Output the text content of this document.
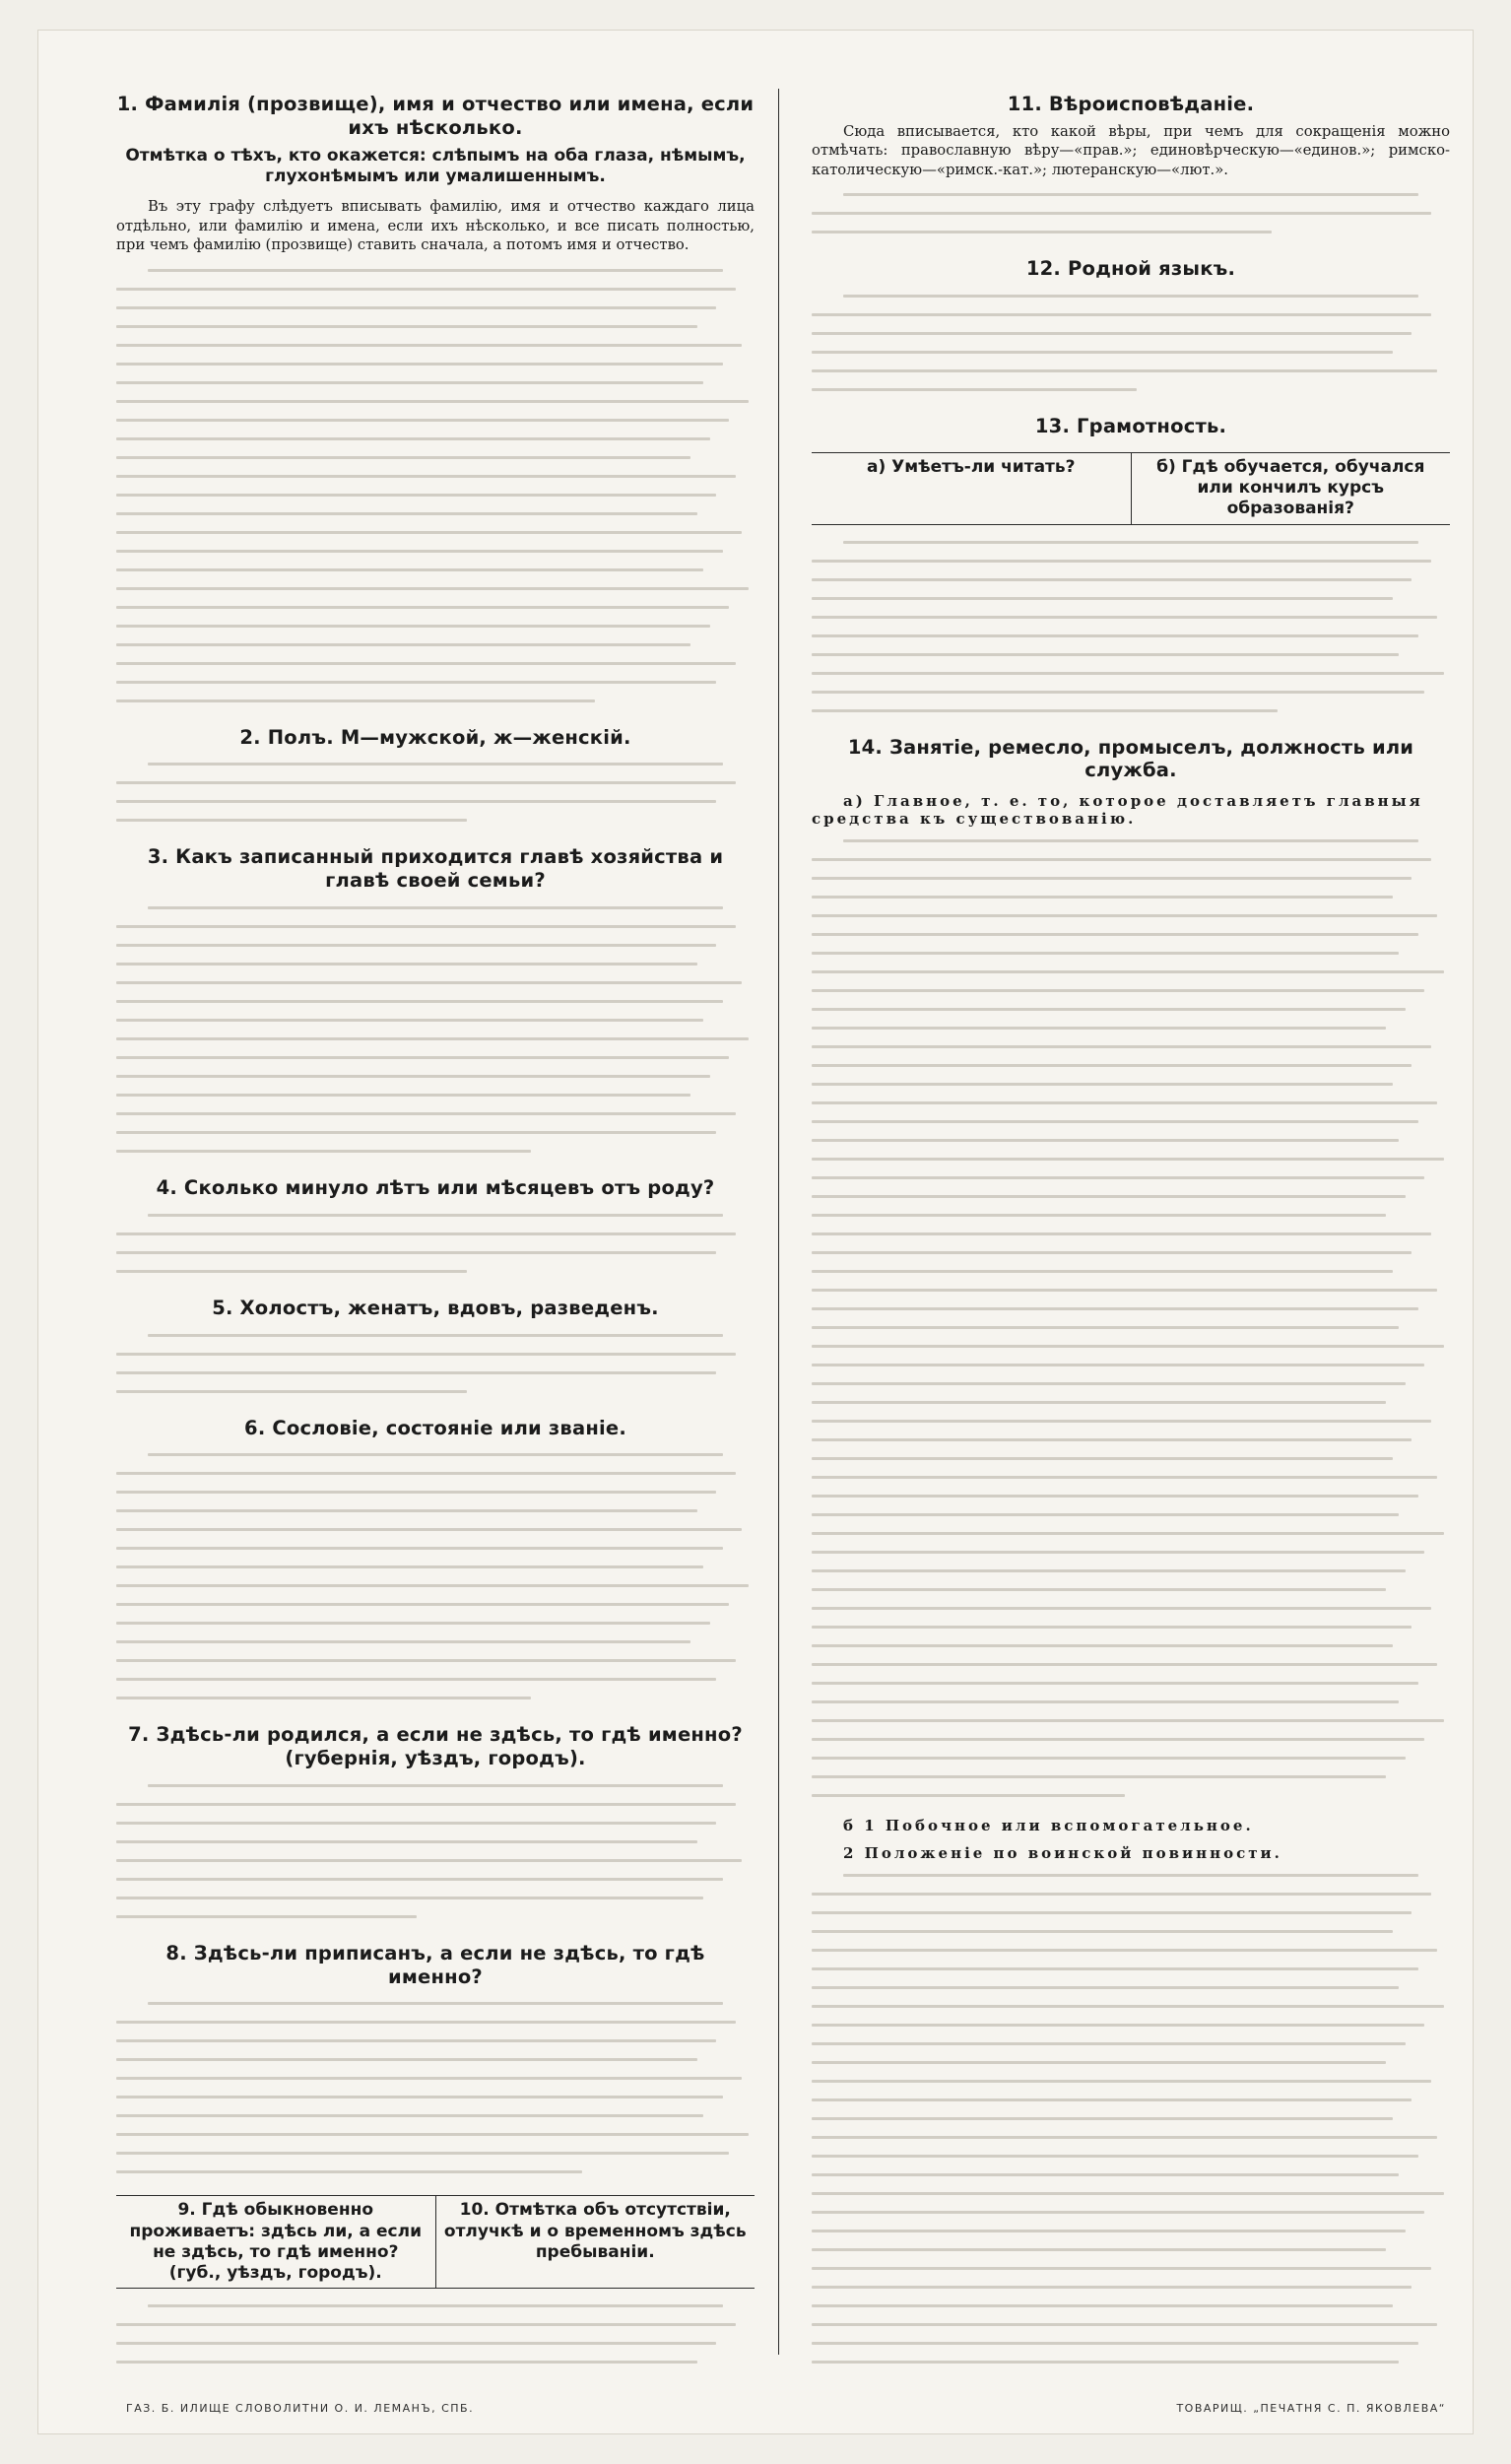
1. Фамилія (прозвище), имя и отчество или имена, если ихъ нѣсколько.
Отмѣтка о тѣхъ, кто окажется: слѣпымъ на оба глаза, нѣмымъ, глухонѣмымъ или умалишеннымъ.

Въ эту графу слѣдуетъ вписывать фамилію, имя и отчество каждаго лица отдѣльно, или фамилію и имена, если ихъ нѣсколько, и все писать полностью, при чемъ фамилію (прозвище) ставить сначала, а потомъ имя и отчество.

2. Полъ. М—мужской, ж—женскій.
3. Какъ записанный приходится главѣ хозяйства и главѣ своей семьи?
4. Сколько минуло лѣтъ или мѣсяцевъ отъ роду?
5. Холостъ, женатъ, вдовъ, разведенъ.
6. Сословіе, состояніе или званіе.
7. Здѣсь-ли родился, а если не здѣсь, то гдѣ именно? (губернія, уѣздъ, городъ).
8. Здѣсь-ли приписанъ, а если не здѣсь, то гдѣ именно?
9. Гдѣ обыкновенно проживаетъ: здѣсь ли, а если не здѣсь, то гдѣ именно? (губ., уѣздъ, городъ).
10. Отмѣтка объ отсутствіи, отлучкѣ и о временномъ здѣсь пребываніи.
11. Вѣроисповѣданіе.

Сюда вписывается, кто какой вѣры, при чемъ для сокращенія можно отмѣчать: православную вѣру—«прав.»; единовѣрческую—«единов.»; римско-католическую—«римск.-кат.»; лютеранскую—«лют.».

12. Родной языкъ.
13. Грамотность.
а) Умѣетъ-ли читать?	б) Гдѣ обучается, обучался или кончилъ курсъ образованія?
14. Занятіе, ремесло, промыселъ, должность или служба.
а) Главное, т. е. то, которое доставляетъ главныя средства къ существованію.
б 1 Побочное или вспомогательное.
2 Положеніе по воинской повинности.
ГАЗ. Б. ИЛИЩЕ СЛОВОЛИТНИ О. И. ЛЕМАНЪ, СПБ.	ТОВАРИЩ. „ПЕЧАТНЯ С. П. ЯКОВЛЕВА“
